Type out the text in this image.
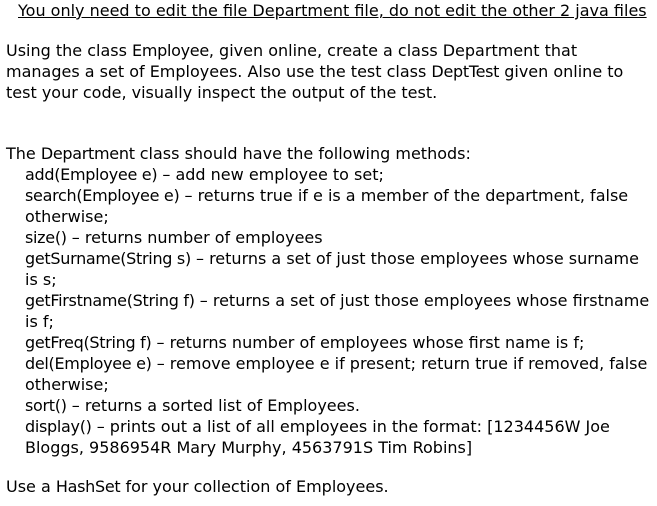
You only need to edit the file Department file, do not edit the other 2 java files

Using the class Employee, given online, create a class Department that manages a set of Employees. Also use the test class DeptTest given online to test your code, visually inspect the output of the test.

The Department class should have the following methods:

add(Employee e) – add new employee to set;
search(Employee e) – returns true if e is a member of the department, false otherwise;
size() – returns number of employees
getSurname(String s) – returns a set of just those employees whose surname is s;
getFirstname(String f) – returns a set of just those employees whose firstname is f;
getFreq(String f) – returns number of employees whose first name is f;
del(Employee e) – remove employee e if present; return true if removed, false otherwise;
sort() – returns a sorted list of Employees.
display() – prints out a list of all employees in the format: [1234456W Joe Bloggs, 9586954R Mary Murphy, 4563791S Tim Robins]

Use a HashSet for your collection of Employees.
